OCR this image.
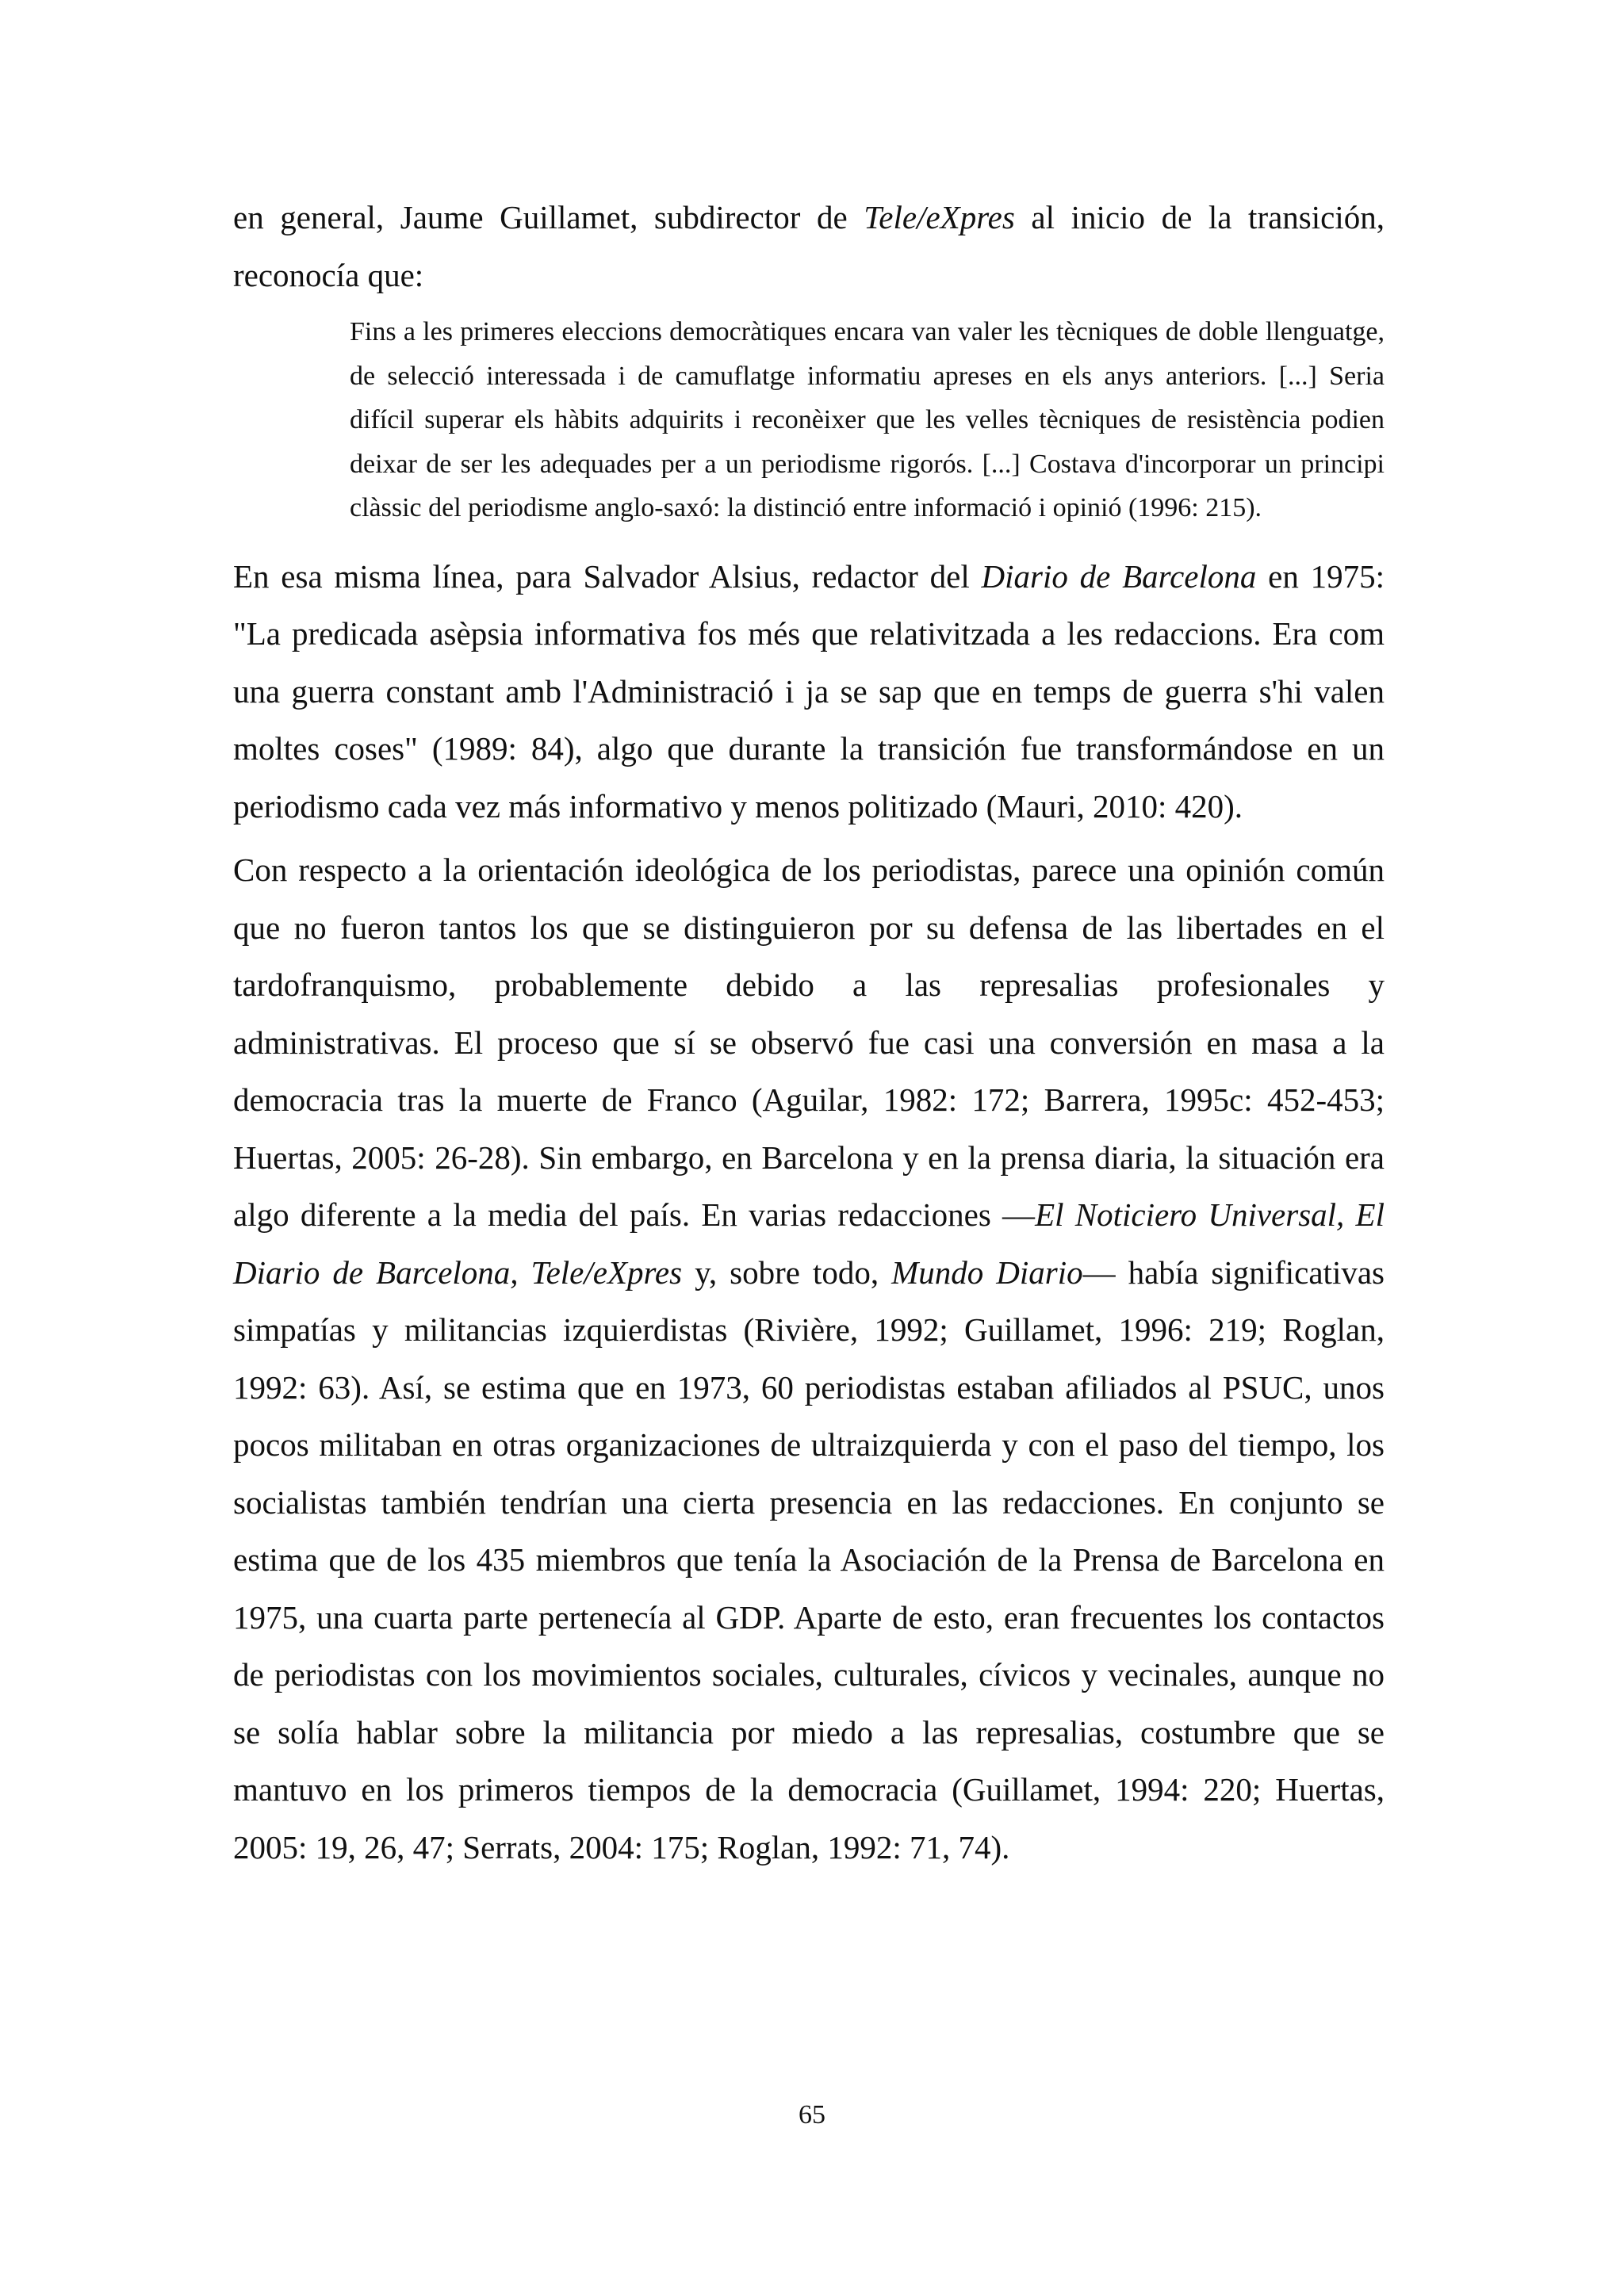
en general, Jaume Guillamet, subdirector de Tele/eXpres al inicio de la transición, reconocía que:

Fins a les primeres eleccions democràtiques encara van valer les tècniques de doble llenguatge, de selecció interessada i de camuflatge informatiu apreses en els anys anteriors. [...] Seria difícil superar els hàbits adquirits i reconèixer que les velles tècniques de resistència podien deixar de ser les adequades per a un periodisme rigorós. [...] Costava d'incorporar un principi clàssic del periodisme anglo-saxó: la distinció entre informació i opinió (1996: 215).

En esa misma línea, para Salvador Alsius, redactor del Diario de Barcelona en 1975: "La predicada asèpsia informativa fos més que relativitzada a les redaccions. Era com una guerra constant amb l'Administració i ja se sap que en temps de guerra s'hi valen moltes coses" (1989: 84), algo que durante la transición fue transformándose en un periodismo cada vez más informativo y menos politizado (Mauri, 2010: 420).

Con respecto a la orientación ideológica de los periodistas, parece una opinión común que no fueron tantos los que se distinguieron por su defensa de las libertades en el tardofranquismo, probablemente debido a las represalias profesionales y administrativas. El proceso que sí se observó fue casi una conversión en masa a la democracia tras la muerte de Franco (Aguilar, 1982: 172; Barrera, 1995c: 452-453; Huertas, 2005: 26-28). Sin embargo, en Barcelona y en la prensa diaria, la situación era algo diferente a la media del país. En varias redacciones —El Noticiero Universal, El Diario de Barcelona, Tele/eXpres y, sobre todo, Mundo Diario— había significativas simpatías y militancias izquierdistas (Rivière, 1992; Guillamet, 1996: 219; Roglan, 1992: 63). Así, se estima que en 1973, 60 periodistas estaban afiliados al PSUC, unos pocos militaban en otras organizaciones de ultraizquierda y con el paso del tiempo, los socialistas también tendrían una cierta presencia en las redacciones. En conjunto se estima que de los 435 miembros que tenía la Asociación de la Prensa de Barcelona en 1975, una cuarta parte pertenecía al GDP. Aparte de esto, eran frecuentes los contactos de periodistas con los movimientos sociales, culturales, cívicos y vecinales, aunque no se solía hablar sobre la militancia por miedo a las represalias, costumbre que se mantuvo en los primeros tiempos de la democracia (Guillamet, 1994: 220; Huertas, 2005: 19, 26, 47; Serrats, 2004: 175; Roglan, 1992: 71, 74).

65
